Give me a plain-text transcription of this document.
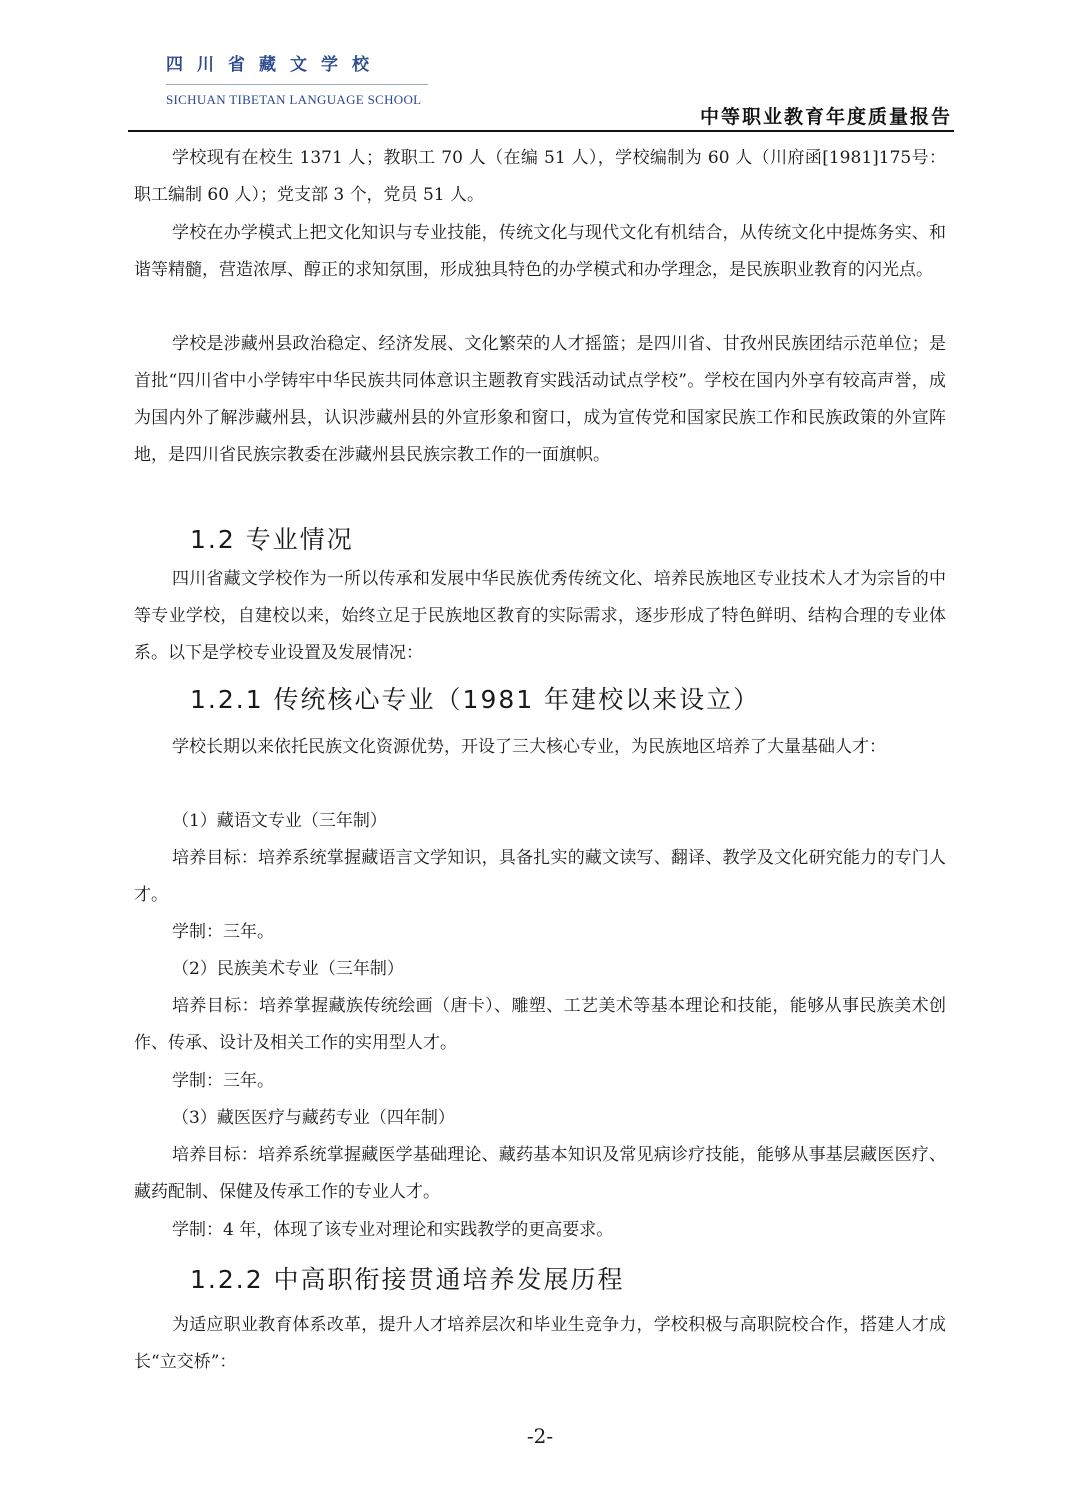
四川省藏文学校
SICHUAN TIBETAN LANGUAGE SCHOOL
中等职业教育年度质量报告

学校现有在校生 1371 人；教职工 70 人（在编 51 人），学校编制为 60 人（川府函[1981]175号：职工编制 60 人）；党支部 3 个，党员 51 人。

学校在办学模式上把文化知识与专业技能，传统文化与现代文化有机结合，从传统文化中提炼务实、和谐等精髓，营造浓厚、醇正的求知氛围，形成独具特色的办学模式和办学理念，是民族职业教育的闪光点。

学校是涉藏州县政治稳定、经济发展、文化繁荣的人才摇篮；是四川省、甘孜州民族团结示范单位；是首批“四川省中小学铸牢中华民族共同体意识主题教育实践活动试点学校”。学校在国内外享有较高声誉，成为国内外了解涉藏州县，认识涉藏州县的外宣形象和窗口，成为宣传党和国家民族工作和民族政策的外宣阵地，是四川省民族宗教委在涉藏州县民族宗教工作的一面旗帜。

1.2 专业情况

四川省藏文学校作为一所以传承和发展中华民族优秀传统文化、培养民族地区专业技术人才为宗旨的中等专业学校，自建校以来，始终立足于民族地区教育的实际需求，逐步形成了特色鲜明、结构合理的专业体系。以下是学校专业设置及发展情况：

1.2.1 传统核心专业（1981 年建校以来设立）

学校长期以来依托民族文化资源优势，开设了三大核心专业，为民族地区培养了大量基础人才：

（1）藏语文专业（三年制）

培养目标：培养系统掌握藏语言文学知识，具备扎实的藏文读写、翻译、教学及文化研究能力的专门人才。

学制：三年。
（2）民族美术专业（三年制）

培养目标：培养掌握藏族传统绘画（唐卡）、雕塑、工艺美术等基本理论和技能，能够从事民族美术创作、传承、设计及相关工作的实用型人才。

学制：三年。
（3）藏医医疗与藏药专业（四年制）

培养目标：培养系统掌握藏医学基础理论、藏药基本知识及常见病诊疗技能，能够从事基层藏医医疗、藏药配制、保健及传承工作的专业人才。

学制：4 年，体现了该专业对理论和实践教学的更高要求。
1.2.2 中高职衔接贯通培养发展历程

为适应职业教育体系改革，提升人才培养层次和毕业生竞争力，学校积极与高职院校合作，搭建人才成长“立交桥”：

-2-
